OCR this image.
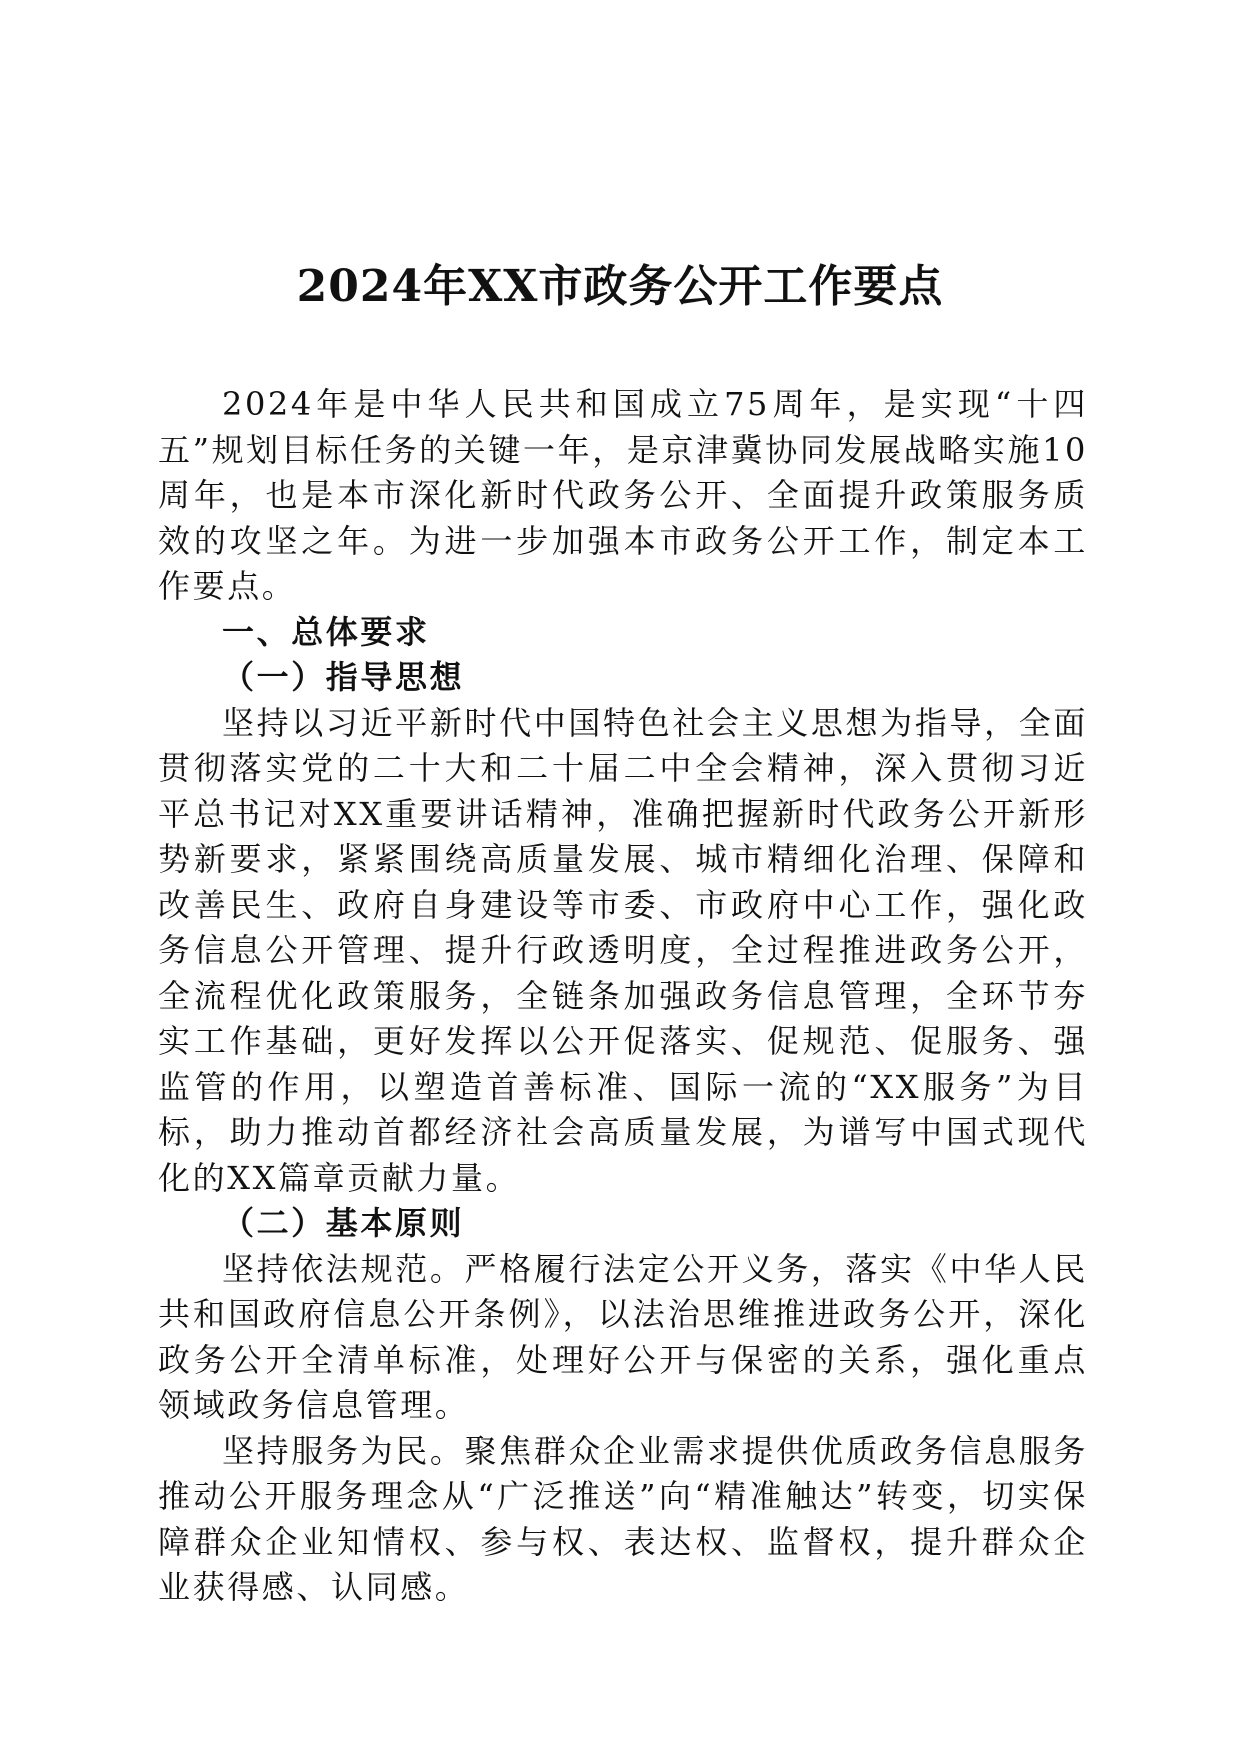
2024年XX市政务公开工作要点

2024年是中华人民共和国成立75周年，是实现“十四五”规划目标任务的关键一年，是京津冀协同发展战略实施10周年，也是本市深化新时代政务公开、全面提升政策服务质效的攻坚之年。为进一步加强本市政务公开工作，制定本工作要点。

一、总体要求

（一）指导思想

坚持以习近平新时代中国特色社会主义思想为指导，全面贯彻落实党的二十大和二十届二中全会精神，深入贯彻习近平总书记对XX重要讲话精神，准确把握新时代政务公开新形势新要求，紧紧围绕高质量发展、城市精细化治理、保障和改善民生、政府自身建设等市委、市政府中心工作，强化政务信息公开管理、提升行政透明度，全过程推进政务公开，全流程优化政策服务，全链条加强政务信息管理，全环节夯实工作基础，更好发挥以公开促落实、促规范、促服务、强监管的作用，以塑造首善标准、国际一流的“XX服务”为目标，助力推动首都经济社会高质量发展，为谱写中国式现代化的XX篇章贡献力量。

（二）基本原则

坚持依法规范。严格履行法定公开义务，落实《中华人民共和国政府信息公开条例》，以法治思维推进政务公开，深化政务公开全清单标准，处理好公开与保密的关系，强化重点领域政务信息管理。

坚持服务为民。聚焦群众企业需求提供优质政务信息服务推动公开服务理念从“广泛推送”向“精准触达”转变，切实保障群众企业知情权、参与权、表达权、监督权，提升群众企业获得感、认同感。
